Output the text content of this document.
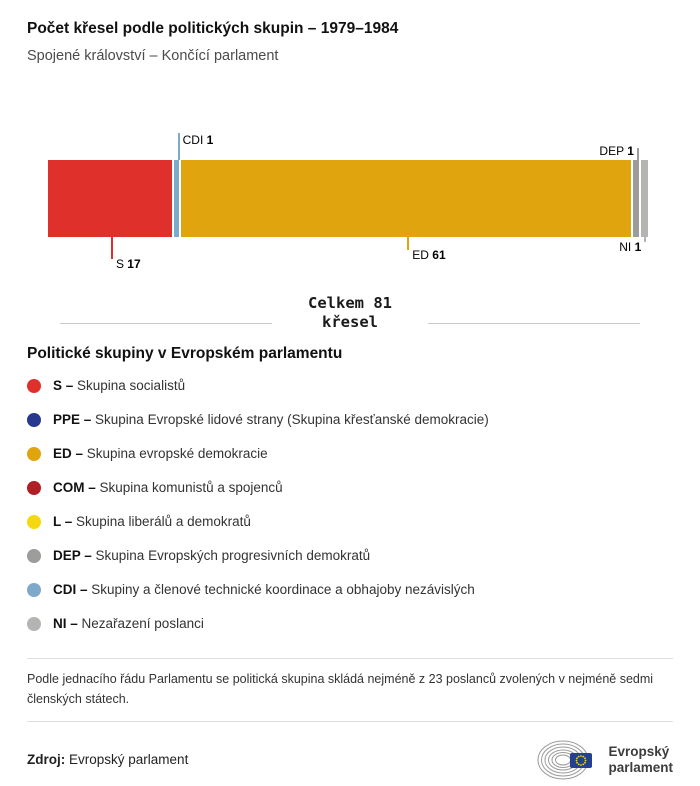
Počet křesel podle politických skupin – 1979–1984
Spojené království – Končící parlament
S 17
CDI 1
ED 61
DEP 1
NI 1
Celkem 81
křesel
Politické skupiny v Evropském parlamentu
S – Skupina socialistů
PPE – Skupina Evropské lidové strany (Skupina křesťanské demokracie)
ED – Skupina evropské demokracie
COM – Skupina komunistů a spojenců
L – Skupina liberálů a demokratů
DEP – Skupina Evropských progresivních demokratů
CDI – Skupiny a členové technické koordinace a obhajoby nezávislých
NI – Nezařazení poslanci

Podle jednacího řádu Parlamentu se politická skupina skládá nejméně z 23 poslanců zvolených v nejméně sedmi členských státech.

Zdroj: Evropský parlament
Evropský
parlament
